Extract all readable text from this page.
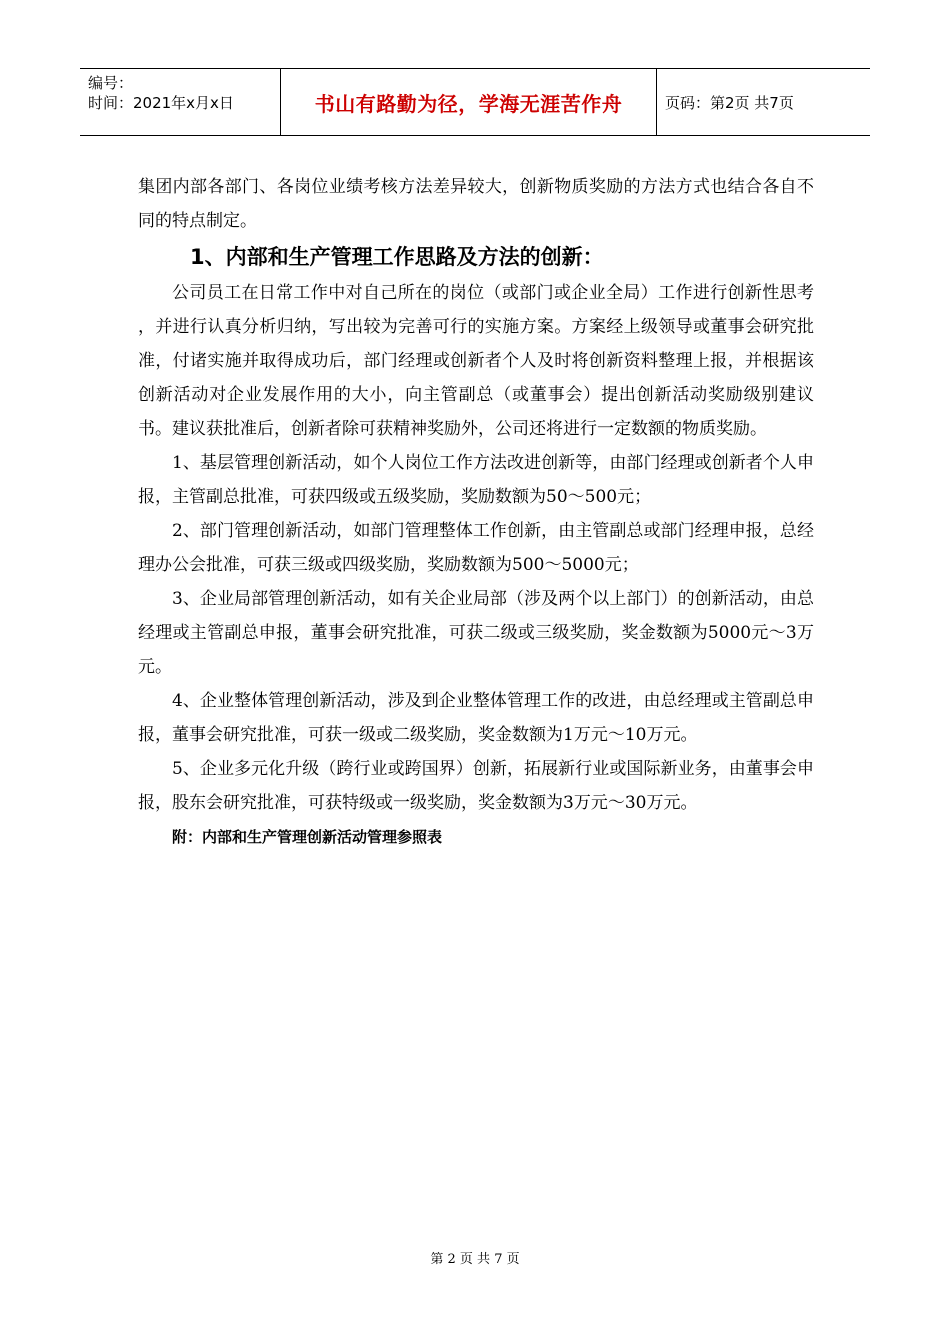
编号：
时间：2021年x月x日	书山有路勤为径，学海无涯苦作舟	页码：第2页 共7页

集团内部各部门、各岗位业绩考核方法差异较大，创新物质奖励的方法方式也结合各自不同的特点制定。

1、内部和生产管理工作思路及方法的创新：

公司员工在日常工作中对自己所在的岗位（或部门或企业全局）工作进行创新性思考 ，并进行认真分析归纳，写出较为完善可行的实施方案。方案经上级领导或董事会研究批准，付诸实施并取得成功后，部门经理或创新者个人及时将创新资料整理上报，并根据该创新活动对企业发展作用的大小，向主管副总（或董事会）提出创新活动奖励级别建议书。建议获批准后，创新者除可获精神奖励外，公司还将进行一定数额的物质奖励。

1、基层管理创新活动，如个人岗位工作方法改进创新等，由部门经理或创新者个人申报，主管副总批准，可获四级或五级奖励，奖励数额为50～500元；

2、部门管理创新活动，如部门管理整体工作创新，由主管副总或部门经理申报，总经理办公会批准，可获三级或四级奖励，奖励数额为500～5000元；

3、企业局部管理创新活动，如有关企业局部（涉及两个以上部门）的创新活动，由总经理或主管副总申报，董事会研究批准，可获二级或三级奖励，奖金数额为5000元～3万元。

4、企业整体管理创新活动，涉及到企业整体管理工作的改进，由总经理或主管副总申报，董事会研究批准，可获一级或二级奖励，奖金数额为1万元～10万元。

5、企业多元化升级（跨行业或跨国界）创新，拓展新行业或国际新业务，由董事会申报，股东会研究批准，可获特级或一级奖励，奖金数额为3万元～30万元。

附：内部和生产管理创新活动管理参照表

第 2 页 共 7 页
